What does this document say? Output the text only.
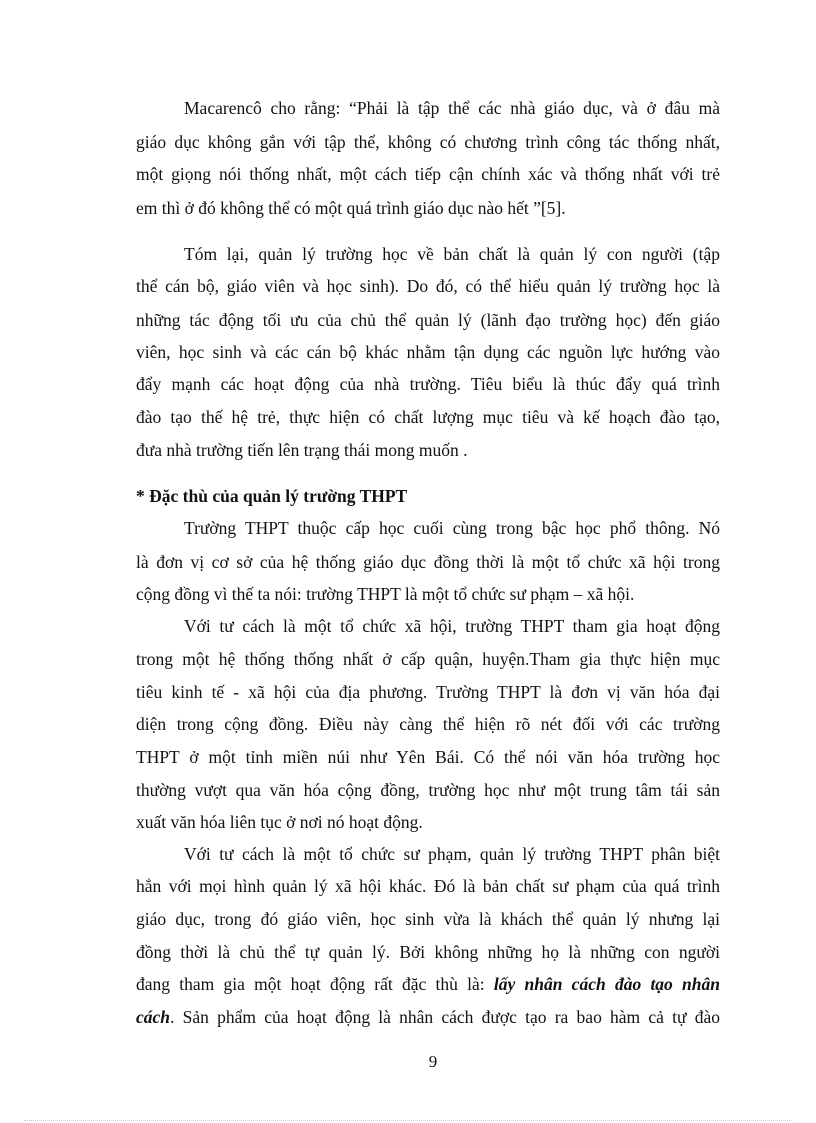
Macarencô cho rằng: “Phải là tập thể các nhà giáo dục, và ở đâu mà
giáo dục không gắn với tập thể, không có chương trình công tác thống nhất,
một giọng nói thống nhất, một cách tiếp cận chính xác và thống nhất với trẻ
em thì ở đó không thể có một quá trình giáo dục nào hết ”[5].
Tóm lại, quản lý trường học về bản chất là quản lý con người (tập
thể cán bộ, giáo viên và học sinh). Do đó, có thể hiểu quản lý trường học là
những tác động tối ưu của chủ thể quản lý (lãnh đạo trường học) đến giáo
viên, học sinh và các cán bộ khác nhằm tận dụng các nguồn lực hướng vào
đẩy mạnh các hoạt động của nhà trường. Tiêu biểu là thúc đẩy quá trình
đào tạo thế hệ trẻ, thực hiện có chất lượng mục tiêu và kế hoạch đào tạo,
đưa nhà trường tiến lên trạng thái mong muốn .
* Đặc thù của quản lý trường THPT
Trường THPT thuộc cấp học cuối cùng trong bậc học phổ thông. Nó
là đơn vị cơ sở của hệ thống giáo dục đồng thời là một tổ chức xã hội trong
cộng đồng vì thế ta nói: trường THPT là một tổ chức sư phạm – xã hội.
Với tư cách là một tổ chức xã hội, trường THPT tham gia hoạt động
trong một hệ thống thống nhất ở cấp quận, huyện.Tham gia thực hiện mục
tiêu kinh tế - xã hội của địa phương. Trường THPT là đơn vị văn hóa đại
diện trong cộng đồng. Điều này càng thể hiện rõ nét đối với các trường
THPT ở một tỉnh miền núi như Yên Bái. Có thể nói văn hóa trường học
thường vượt qua văn hóa cộng đồng, trường học như một trung tâm tái sản
xuất văn hóa liên tục ở nơi nó hoạt động.
Với tư cách là một tổ chức sư phạm, quản lý trường THPT phân biệt
hẳn với mọi hình quản lý xã hội khác. Đó là bản chất sư phạm của quá trình
giáo dục, trong đó giáo viên, học sinh vừa là khách thể quản lý nhưng lại
đồng thời là chủ thể tự quản lý. Bởi không những họ là những con người
đang tham gia một hoạt động rất đặc thù là: lấy nhân cách đào tạo nhân
cách. Sản phẩm của hoạt động là nhân cách được tạo ra bao hàm cả tự đào
9
